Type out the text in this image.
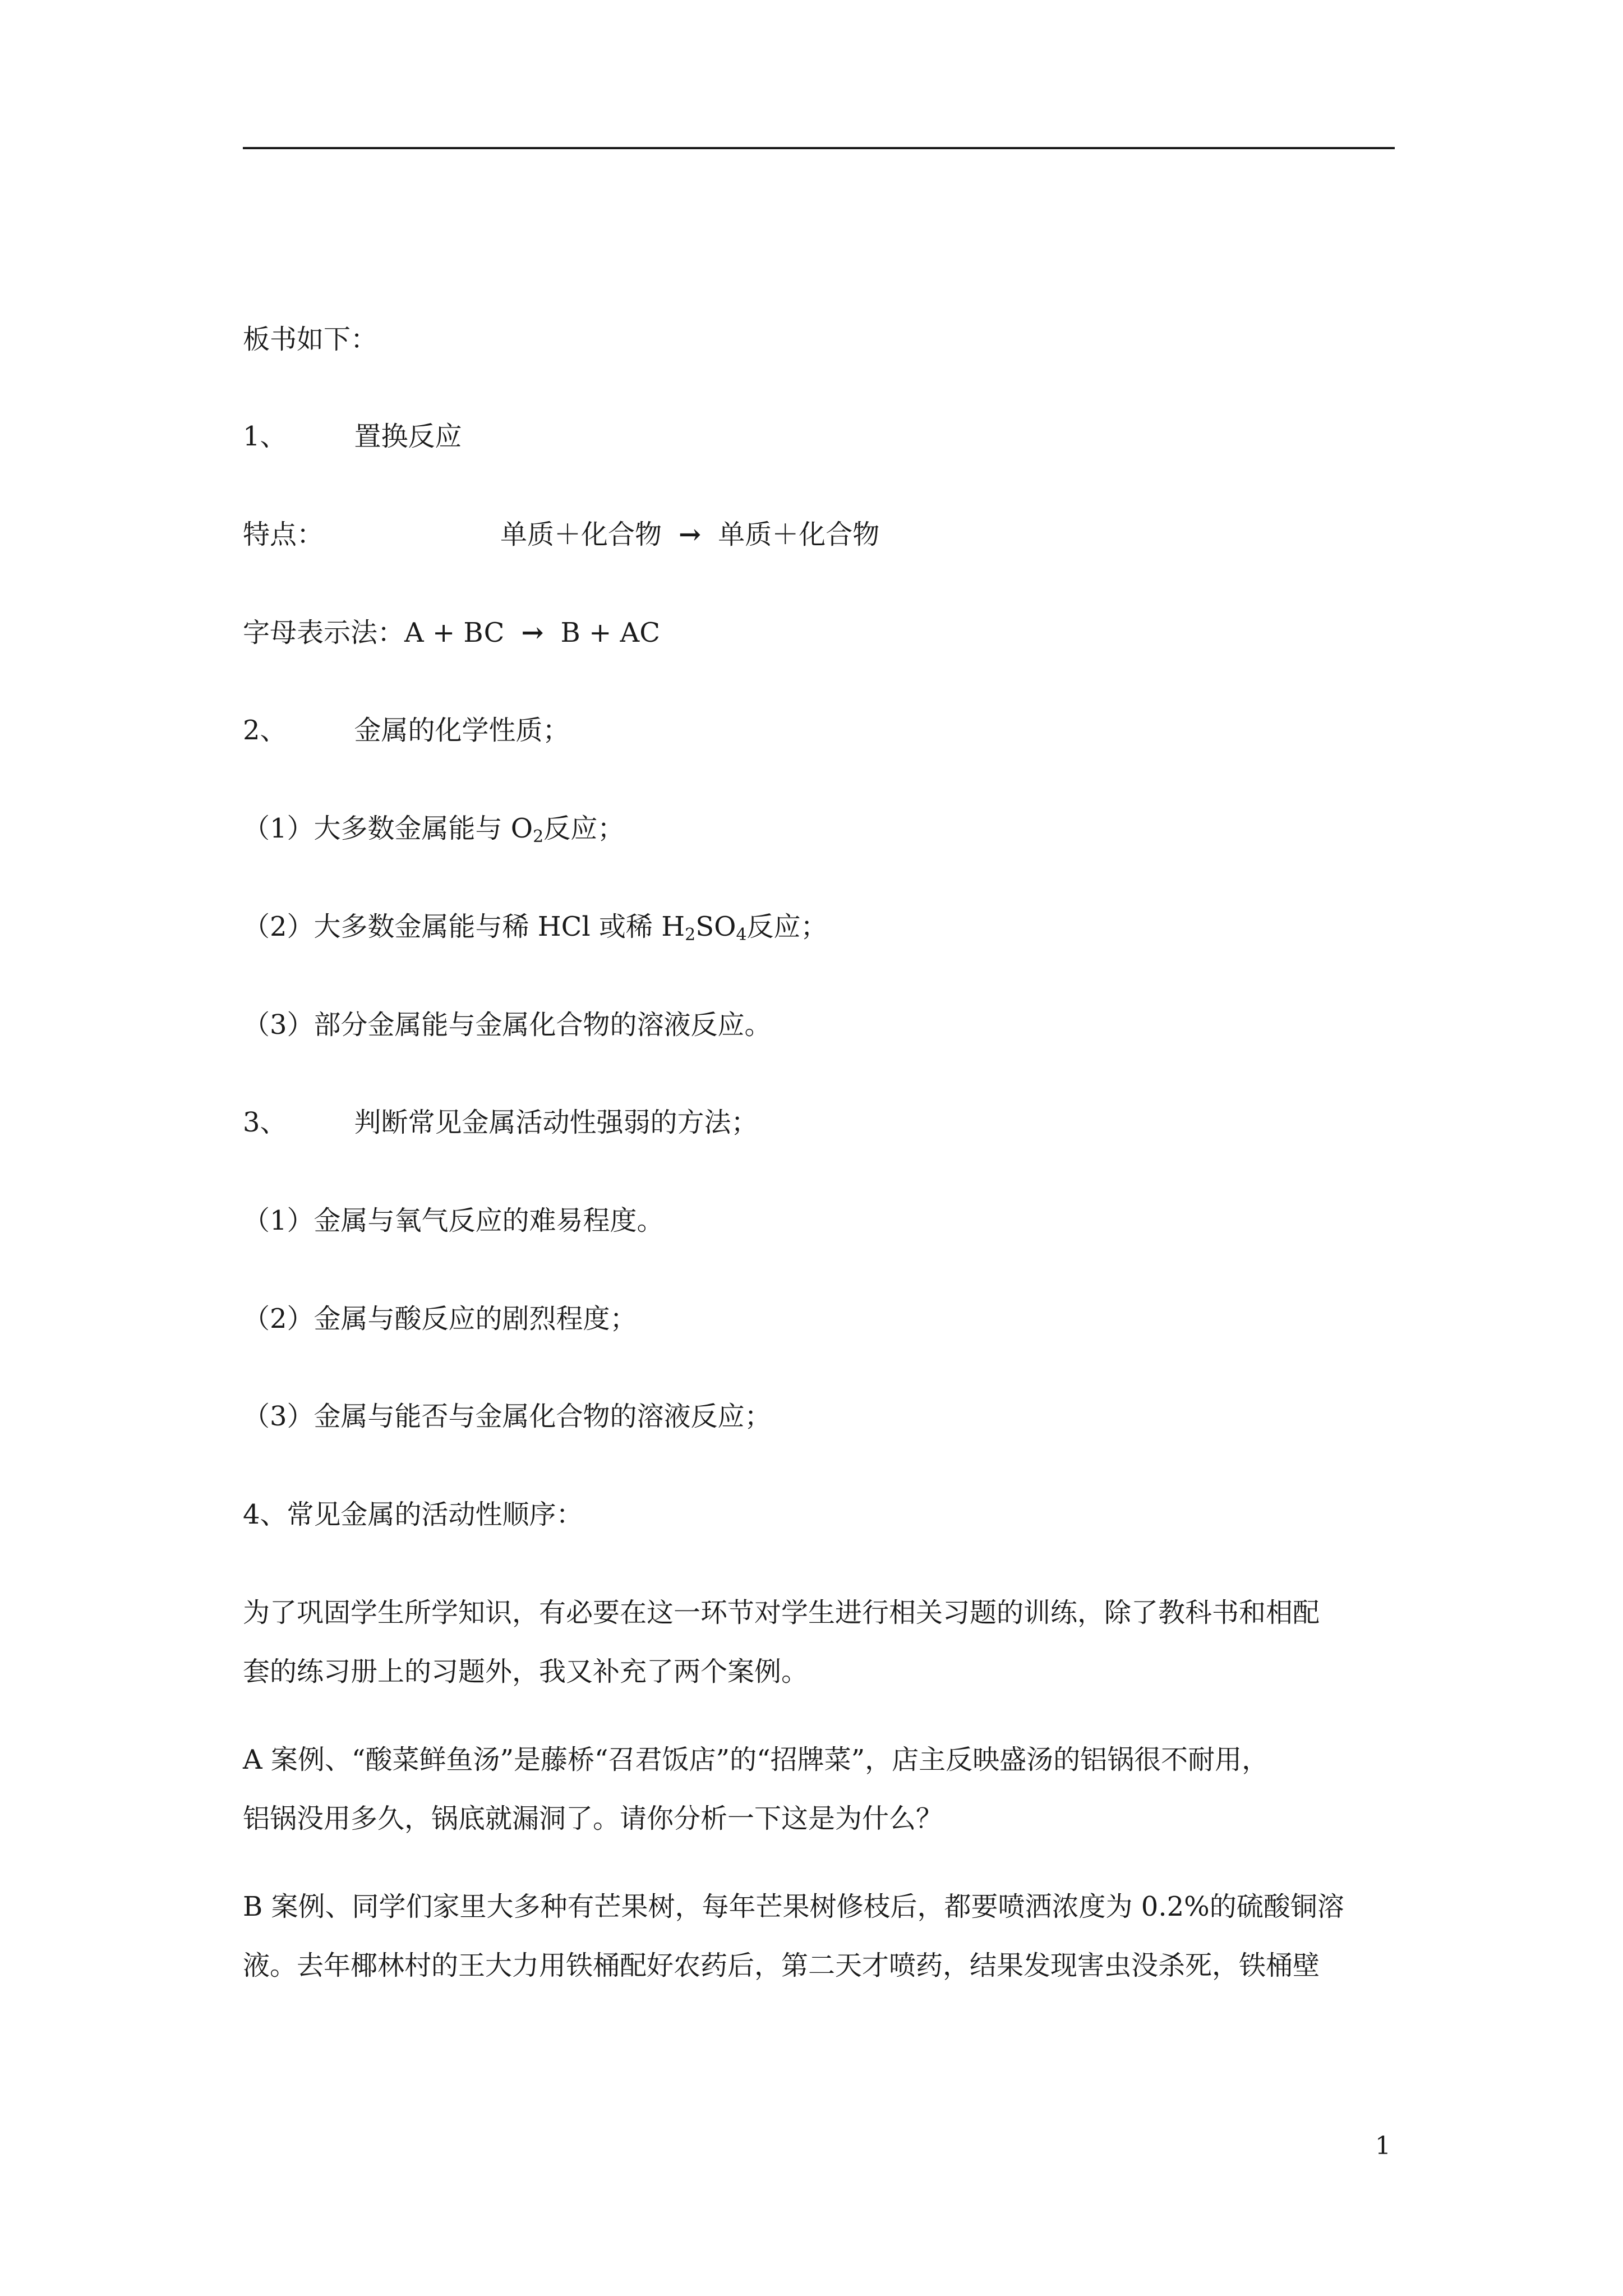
板书如下：
1、	置换反应
特点：	单质＋化合物 → 单质＋化合物
字母表示法：A + BC → B + AC
2、	金属的化学性质；
（1）大多数金属能与 $O_2$反应；
（2）大多数金属能与稀 HCl 或稀 $H_2SO_4$反应；
（3）部分金属能与金属化合物的溶液反应。
3、	判断常见金属活动性强弱的方法；
（1）金属与氧气反应的难易程度。
（2）金属与酸反应的剧烈程度；
（3）金属与能否与金属化合物的溶液反应；
4、常见金属的活动性顺序：
为了巩固学生所学知识，有必要在这一环节对学生进行相关习题的训练，除了教科书和相配
套的练习册上的习题外，我又补充了两个案例。
A 案例、“酸菜鲜鱼汤”是藤桥“召君饭店”的“招牌菜”，店主反映盛汤的铝锅很不耐用，
铝锅没用多久，锅底就漏洞了。请你分析一下这是为什么？
B 案例、同学们家里大多种有芒果树，每年芒果树修枝后，都要喷洒浓度为 0.2%的硫酸铜溶
液。去年椰林村的王大力用铁桶配好农药后，第二天才喷药，结果发现害虫没杀死，铁桶壁
1
